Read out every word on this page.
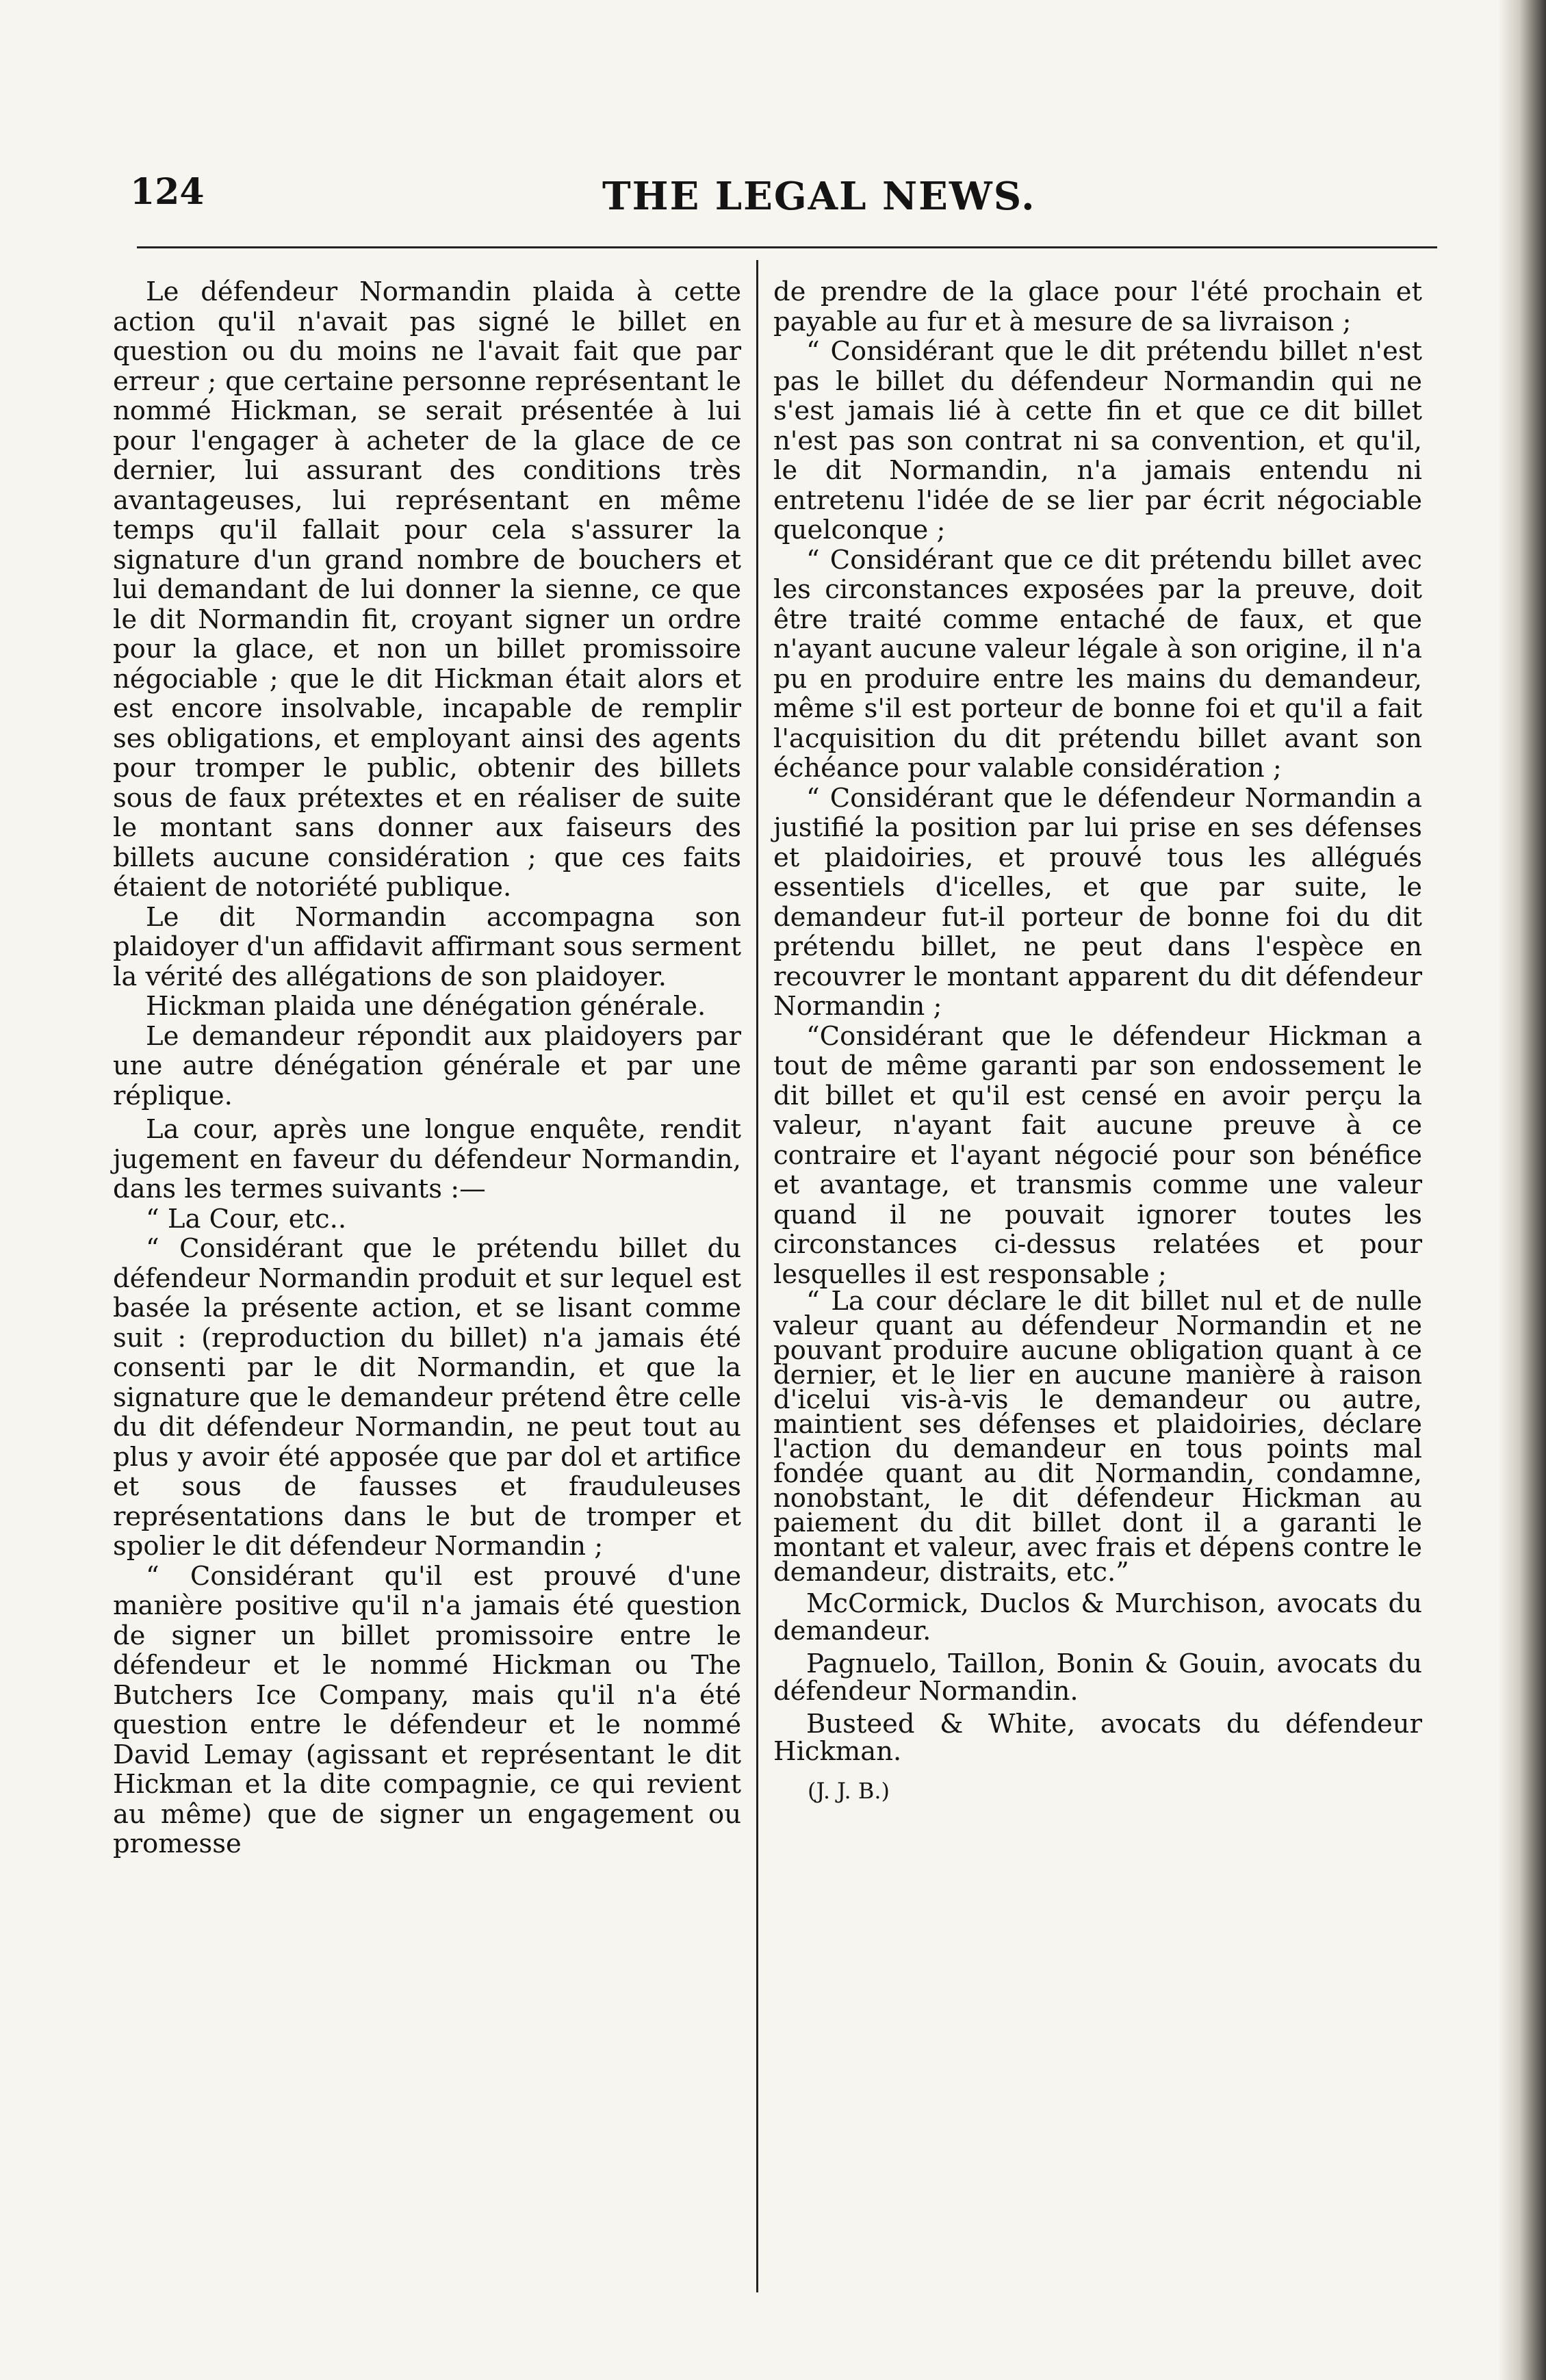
124	THE LEGAL NEWS.

Le défendeur Normandin plaida à cette action qu'il n'avait pas signé le billet en question ou du moins ne l'avait fait que par erreur ; que certaine personne représentant le nommé Hickman, se serait présentée à lui pour l'engager à acheter de la glace de ce dernier, lui assurant des conditions très avantageuses, lui représentant en même temps qu'il fallait pour cela s'assurer la signature d'un grand nombre de bouchers et lui demandant de lui donner la sienne, ce que le dit Normandin fit, croyant signer un ordre pour la glace, et non un billet promissoire négociable ; que le dit Hickman était alors et est encore insolvable, incapable de remplir ses obligations, et employant ainsi des agents pour tromper le public, obtenir des billets sous de faux prétextes et en réaliser de suite le montant sans donner aux faiseurs des billets aucune considération ; que ces faits étaient de notoriété publique.

Le dit Normandin accompagna son plaidoyer d'un affidavit affirmant sous serment la vérité des allégations de son plaidoyer.

Hickman plaida une dénégation générale.

Le demandeur répondit aux plaidoyers par une autre dénégation générale et par une réplique.

La cour, après une longue enquête, rendit jugement en faveur du défendeur Normandin, dans les termes suivants :—

“ La Cour, etc..

“ Considérant que le prétendu billet du défendeur Normandin produit et sur lequel est basée la présente action, et se lisant comme suit : (reproduction du billet) n'a jamais été consenti par le dit Normandin, et que la signature que le demandeur prétend être celle du dit défendeur Normandin, ne peut tout au plus y avoir été apposée que par dol et artifice et sous de fausses et frauduleuses représentations dans le but de tromper et spolier le dit défendeur Normandin ;

“ Considérant qu'il est prouvé d'une manière positive qu'il n'a jamais été question de signer un billet promissoire entre le défendeur et le nommé Hickman ou The Butchers Ice Company, mais qu'il n'a été question entre le défendeur et le nommé David Lemay (agissant et représentant le dit Hickman et la dite compagnie, ce qui revient au même) que de signer un engagement ou promesse

de prendre de la glace pour l'été prochain et payable au fur et à mesure de sa livraison ;

“ Considérant que le dit prétendu billet n'est pas le billet du défendeur Normandin qui ne s'est jamais lié à cette fin et que ce dit billet n'est pas son contrat ni sa convention, et qu'il, le dit Normandin, n'a jamais entendu ni entretenu l'idée de se lier par écrit négociable quelconque ;

“ Considérant que ce dit prétendu billet avec les circonstances exposées par la preuve, doit être traité comme entaché de faux, et que n'ayant aucune valeur légale à son origine, il n'a pu en produire entre les mains du demandeur, même s'il est porteur de bonne foi et qu'il a fait l'acquisition du dit prétendu billet avant son échéance pour valable considération ;

“ Considérant que le défendeur Normandin a justifié la position par lui prise en ses défenses et plaidoiries, et prouvé tous les allégués essentiels d'icelles, et que par suite, le demandeur fut-il porteur de bonne foi du dit prétendu billet, ne peut dans l'espèce en recouvrer le montant apparent du dit défendeur Normandin ;

“Considérant que le défendeur Hickman a tout de même garanti par son endossement le dit billet et qu'il est censé en avoir perçu la valeur, n'ayant fait aucune preuve à ce contraire et l'ayant négocié pour son bénéfice et avantage, et transmis comme une valeur quand il ne pouvait ignorer toutes les circonstances ci-dessus relatées et pour lesquelles il est responsable ;

“ La cour déclare le dit billet nul et de nulle valeur quant au défendeur Normandin et ne pouvant produire aucune obligation quant à ce dernier, et le lier en aucune manière à raison d'icelui vis-à-vis le demandeur ou autre, maintient ses défenses et plaidoiries, déclare l'action du demandeur en tous points mal fondée quant au dit Normandin, condamne, nonobstant, le dit défendeur Hickman au paiement du dit billet dont il a garanti le montant et valeur, avec frais et dépens contre le demandeur, distraits, etc.”

McCormick, Duclos & Murchison, avocats du demandeur.

Pagnuelo, Taillon, Bonin & Gouin, avocats du défendeur Normandin.

Busteed & White, avocats du défendeur Hickman.

(J. J. B.)
